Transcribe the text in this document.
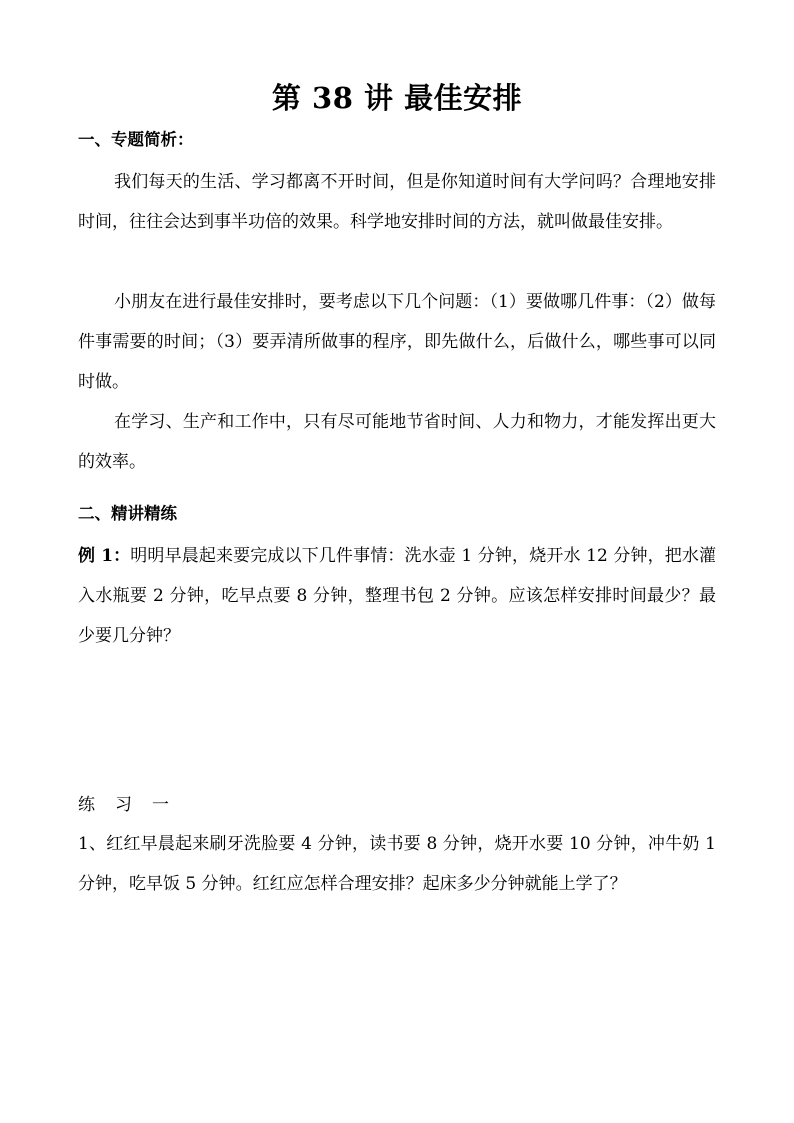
第 38 讲 最佳安排
一、专题简析：
我们每天的生活、学习都离不开时间，但是你知道时间有大学问吗？合理地安排时间，往往会达到事半功倍的效果。科学地安排时间的方法，就叫做最佳安排。
小朋友在进行最佳安排时，要考虑以下几个问题：（1）要做哪几件事：（2）做每件事需要的时间；（3）要弄清所做事的程序，即先做什么，后做什么，哪些事可以同时做。
在学习、生产和工作中，只有尽可能地节省时间、人力和物力，才能发挥出更大的效率。
二、精讲精练
例 1：明明早晨起来要完成以下几件事情：洗水壶 1 分钟，烧开水 12 分钟，把水灌入水瓶要 2 分钟，吃早点要 8 分钟，整理书包 2 分钟。应该怎样安排时间最少？最少要几分钟？
练习一
1、红红早晨起来刷牙洗脸要 4 分钟，读书要 8 分钟，烧开水要 10 分钟，冲牛奶 1 分钟，吃早饭 5 分钟。红红应怎样合理安排？起床多少分钟就能上学了？
